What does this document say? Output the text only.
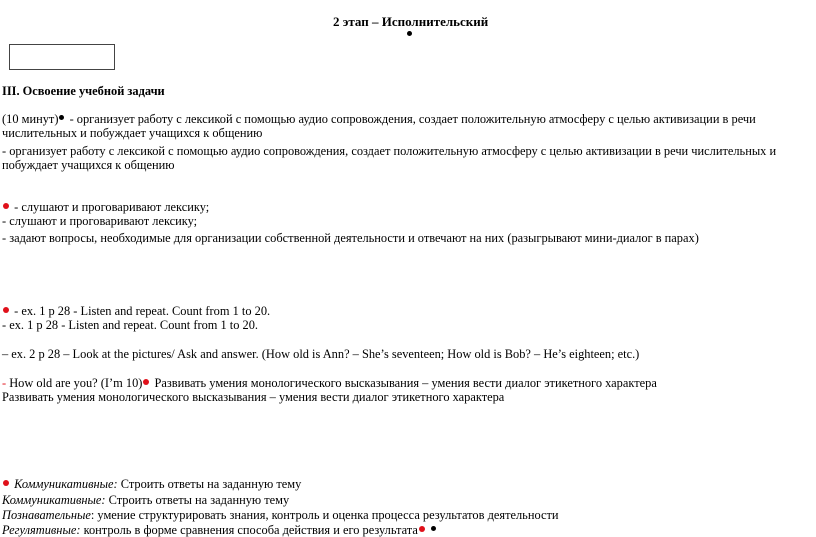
2 этап – Исполнительский
III. Освоение учебной задачи
(10 минут) - организует работу с лексикой с помощью аудио сопровождения, создает положительную атмосферу с целью активизации в речи
числительных и побуждает учащихся к общению
- организует работу с лексикой с помощью аудио сопровождения, создает положительную атмосферу с целью активизации в речи числительных и
побуждает учащихся к общению
- слушают и проговаривают лексику;
- слушают и проговаривают лексику;
- задают вопросы, необходимые для организации собственной деятельности и отвечают на них (разыгрывают мини-диалог в парах)
- ex. 1 p 28 - Listen and repeat. Count from 1 to 20.
- ex. 1 p 28 - Listen and repeat. Count from 1 to 20.
– ex. 2 p 28 – Look at the pictures/ Ask and answer. (How old is Ann? – She’s seventeen; How old is Bob? – He’s eighteen; etc.)
- How old are you? (I’m 10) Развивать умения монологического высказывания – умения вести диалог этикетного характера
Развивать умения монологического высказывания – умения вести диалог этикетного характера
Коммуникативные: Строить ответы на заданную тему
Коммуникативные: Строить ответы на заданную тему
Познавательные: умение структурировать знания, контроль и оценка процесса результатов деятельности
Регулятивные: контроль в форме сравнения способа действия и его результата
